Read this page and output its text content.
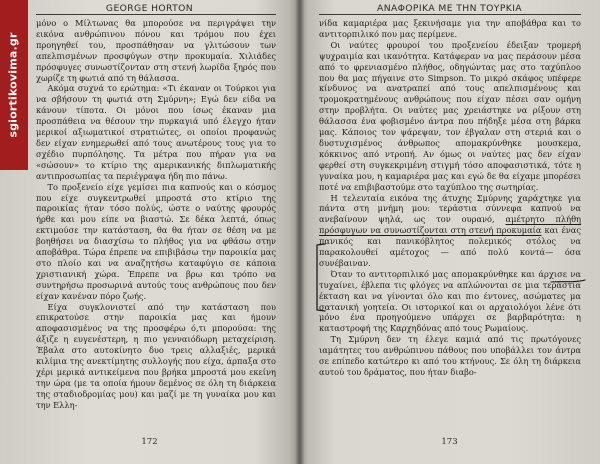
GEORGE HORTON

μόνο ο Μίλτωνας θα μπορούσε να περιγράψει την εικόνα ανθρώπινου πόνου και τρόμου που έχει προηγηθεί του, προσπάθησαν να γλιτώσουν των απελπισμένων προσφύγων στην προκυμαία. Χιλιάδες πρόσφυγες συνωστίζονταν στη στενή λωρίδα ξηρός που χωρίζε τη φωτιά από τη θάλασσα.

Ακόμα συχνά το ερώτημα: «Τι έκαναν οι Τούρκοι για να σβήσουν τη φωτιά στη Σμύρνη»; Εγώ δεν είδα να κάνουν τίποτα. Οι μόνοι που ίσως έκαναν μια προσπάθεια να θέσουν την πυρκαγιά υπό έλεγχο ήταν μερικοί αξιωματικοί στρατιώτες, οι οποίοι προφανώς δεν είχαν ενημερωθεί από τους ανωτέρους τους για το σχέδιο πυρπόλησης. Τα μέτρα που πήραν για να «σώσουν» το κτίριο της αμερικανικής διπλωματικής αντιπροσωπίας τα περιέγραψα ήδη πιο πάνω.

Το προξενείο είχε γεμίσει πια καπνούς και ο κόσμος που είχε συγκεντρωθεί μπροστά στο κτίριο της παροικίας ήταν τόσο πολύς, ώστε ο ναύτης φρουρός ήρθε και μου είπε να βιαστώ. Σε δέκα λεπτά, όπως εκτιμούσε την κατάσταση, θα θα ήταν σε θέση να με βοηθήσει να διασχίσω το πλήθος για να φθάσω στην αποβάθρα. Τώρα έπρεπε να επιβιβάσω την παροικία μας στο πλοίο και να αναζητήσω καταφύγιο σε κάποια χριστιανική χώρα. Έπρεπε να βρω και τρόπο να συντηρήσω προσωρινά αυτούς τους ανθρώπους που δεν είχαν κανέναν πόρο ζωής.

Είχα συγκλονιστεί από την κατάσταση που επικρατούσε στην παροικία μας και ήμουν αποφασισμένος να της προσφέρω ό,τι μπορούσα: της άξιζε η ευγενέστερη, η πιο γενναιόδωρη μεταχείριση. Έβαλα στο αυτοκίνητο δυο τρεις αλλαξιές, μερικά κιλίμια της ανεκτίμητης συλλογής που είχα, άρπαξα στο χέρι μερικά αντικείμενα που βρήκα μπροστά μου εκείνη την ώρα (με τα οποία ήμουν δεμένος σε όλη τη διάρκεια της σταδιοδρομίας μου) και μαζί με τη γυναίκα μου και την Ελλη-

172
ΑΝΑΦΟΡΙΚΑ ΜΕ ΤΗΝ ΤΟΥΡΚΙΑ

νίδα καμαριέρα μας ξεκινήσαμε για την αποβάθρα και το αντιτορπιλικό που μας περίμενε.

Οι ναύτες φρουροί του προξενείου έδειξαν τρομερή ψυχραιμία και ικανότητα. Κατάφεραν να μας περάσουν μέσα από το φρενιασμένο πλήθος, οδηγώντας μας στο ταχύπλοο που θα μας πήγαινε στο Simpson. Το μικρό σκάφος υπέφερε κίνδυνος να ανατραπεί από τους απελπισμένους και τρομοκρατημένους ανθρώπους που είχαν πέσει σαν ομήνη στην προβλήτα. Οι ναύτες μας χρειάστηκε να ρίξουν στη θάλασσα ένα φοβισμένο άντρα που πήδηξε μέσα στη βάρκα μας. Κάποιος τον ψάρεψαν, τον έβγαλαν στη στεριά και ο δυστυχισμένος άνθρωπος απομακρύνθηκε μουσκεμα, κόκκινος από ντροπή. Αν όμως οι ναύτες μας δεν είχαν φερθεί στη συγκεκριμένη στιγμή τόσο αποφασιστικά, τότε η γυναίκα μου, η καμαριέρα μας και εγώ δε θα είχαμε μπορέσει ποτέ να επιβιβαστούμε στο ταχύπλοο της σωτηρίας.

Η τελευταία εικόνα της άτυχης Σμύρνης χαράχτηκε για πάντα στη μνήμη μου: τεράστια σύννεφα καπνού να ανεβαίνουν ψηλά, ως τον ουρανό, αμέτρητο πλήθη πρόσφυγων να συνωστίζονται στη στενή προκυμαία και ένας πανικός και πανικόβλητος πολεμικός στόλος να παρακολουθεί αμέτοχος — από πολύ κοντά— όσα συνέβαιναν.

Όταν το αντιτορπιλικό μας απομακρύνθηκε και άρχισε να τυχαίνει, έβλεπα τις φλόγες να απλώνονται σε μια τεράστια έκταση και να γίνονται όλο και πιο έντονες, ασώματες μα σατανική γοητεία. Οι ιστορικοί και οι αρχαιολόγοι λένε ότι μόνο ένα προηγούμενο υπάρχει σε βαρβαρότητα: η καταστροφή της Καρχηδόνας από τους Ρωμαίους.

Τη Σμύρνη δεν τη έλεγε καμιά από τις πρωτόγονες ιαμάτητες του ανθρώπινου πάθους που υποβάλλει τον άντρα σε επίπεδο κατώτερο κι από του κτήνους. Σε όλη τη διάρκεια αυτού του δράματος, που ήταν διαβο-

173
sgiortikovima.gr
